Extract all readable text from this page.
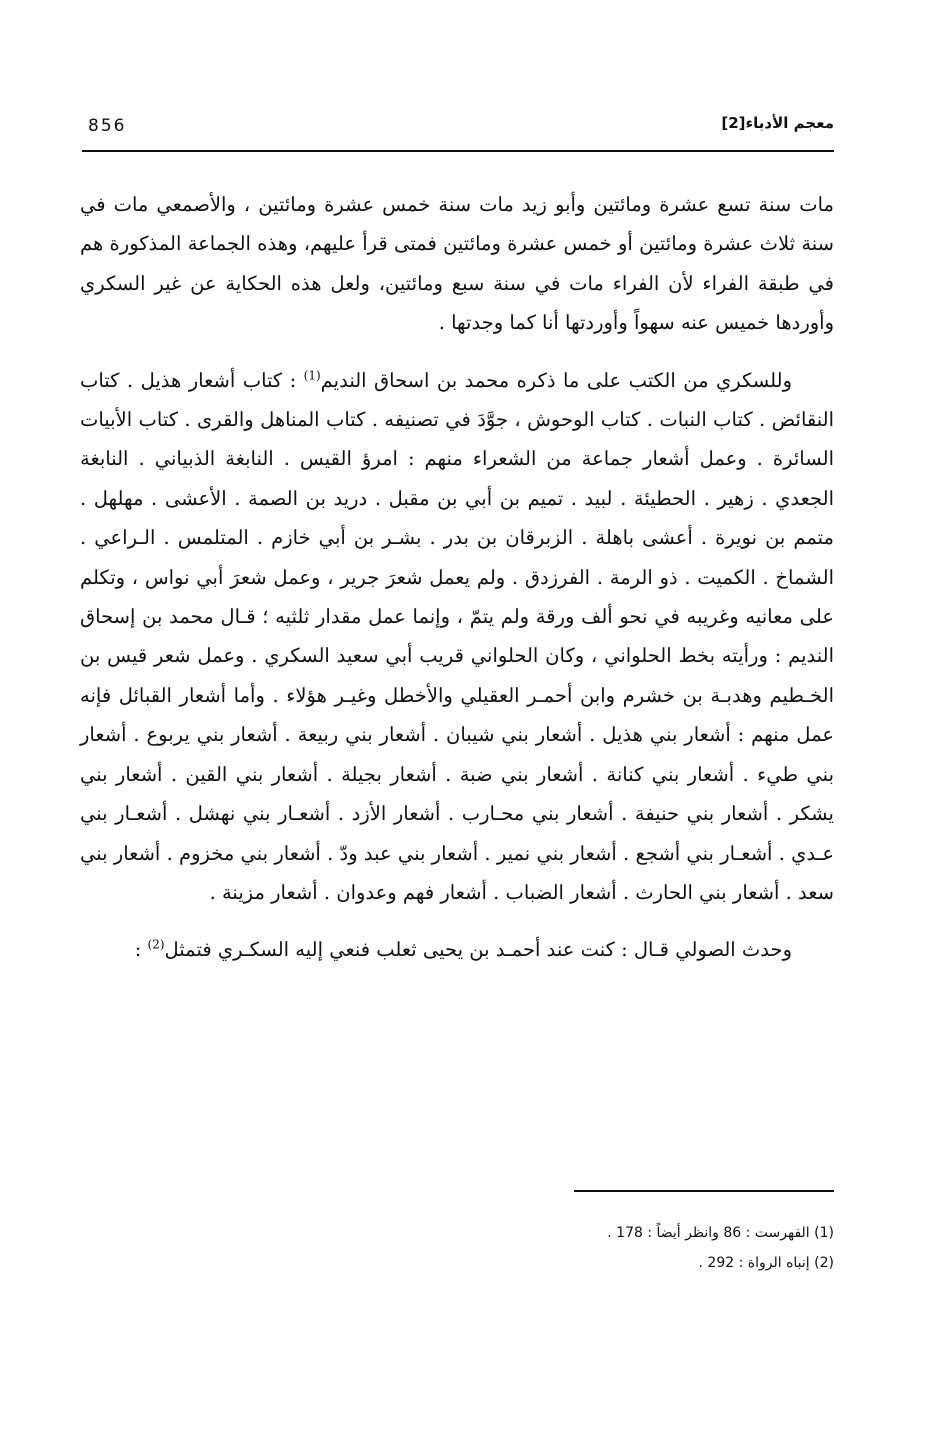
856	معجم الأدباء[2]

مات سنة تسع عشرة ومائتين وأبو زيد مات سنة خمس عشرة ومائتين ، والأصمعي مات في سنة ثلاث عشرة ومائتين أو خمس عشرة ومائتين فمتى قرأ عليهم، وهذه الجماعة المذكورة هم في طبقة الفراء لأن الفراء مات في سنة سبع ومائتين، ولعل هذه الحكاية عن غير السكري وأوردها خميس عنه سهواً وأوردتها أنا كما وجدتها .

وللسكري من الكتب على ما ذكره محمد بن اسحاق النديم$^{(1)}$ : كتاب أشعار هذيل . كتاب النقائض . كتاب النبات . كتاب الوحوش ، جوَّدَ في تصنيفه . كتاب المناهل والقرى . كتاب الأبيات السائرة . وعمل أشعار جماعة من الشعراء منهم : امرؤ القيس . النابغة الذبياني . النابغة الجعدي . زهير . الحطيئة . لبيد . تميم بن أبي بن مقبل . دريد بن الصمة . الأعشى . مهلهل . متمم بن نويرة . أعشى باهلة . الزبرقان بن بدر . بشـر بن أبي خازم . المتلمس . الـراعي . الشماخ . الكميت . ذو الرمة . الفرزدق . ولم يعمل شعرَ جرير ، وعمل شعرَ أبي نواس ، وتكلم على معانيه وغريبه في نحو ألف ورقة ولم يتمّ ، وإنما عمل مقدار ثلثيه ؛ قـال محمد بن إسحاق النديم : ورأيته بخط الحلواني ، وكان الحلواني قريب أبي سعيد السكري . وعمل شعر قيس بن الخـطيم وهدبـة بن خشرم وابن أحمـر العقيلي والأخطل وغيـر هؤلاء . وأما أشعار القبائل فإنه عمل منهم : أشعار بني هذيل . أشعار بني شيبان . أشعار بني ربيعة . أشعار بني يربوع . أشعار بني طيء . أشعار بني كنانة . أشعار بني ضبة . أشعار بجيلة . أشعار بني القين . أشعار بني يشكر . أشعار بني حنيفة . أشعار بني محـارب . أشعار الأزد . أشعـار بني نهشل . أشعـار بني عـدي . أشعـار بني أشجع . أشعار بني نمير . أشعار بني عبد ودّ . أشعار بني مخزوم . أشعار بني سعد . أشعار بني الحارث . أشعار الضباب . أشعار فهم وعدوان . أشعار مزينة .

وحدث الصولي قـال : كنت عند أحمـد بن يحيى ثعلب فنعي إليه السكـري فتمثل$^{(2)}$ :

(1) الفهرست : 86 وانظر أيضاً : 178 .

(2) إنباه الرواة : 292 .
